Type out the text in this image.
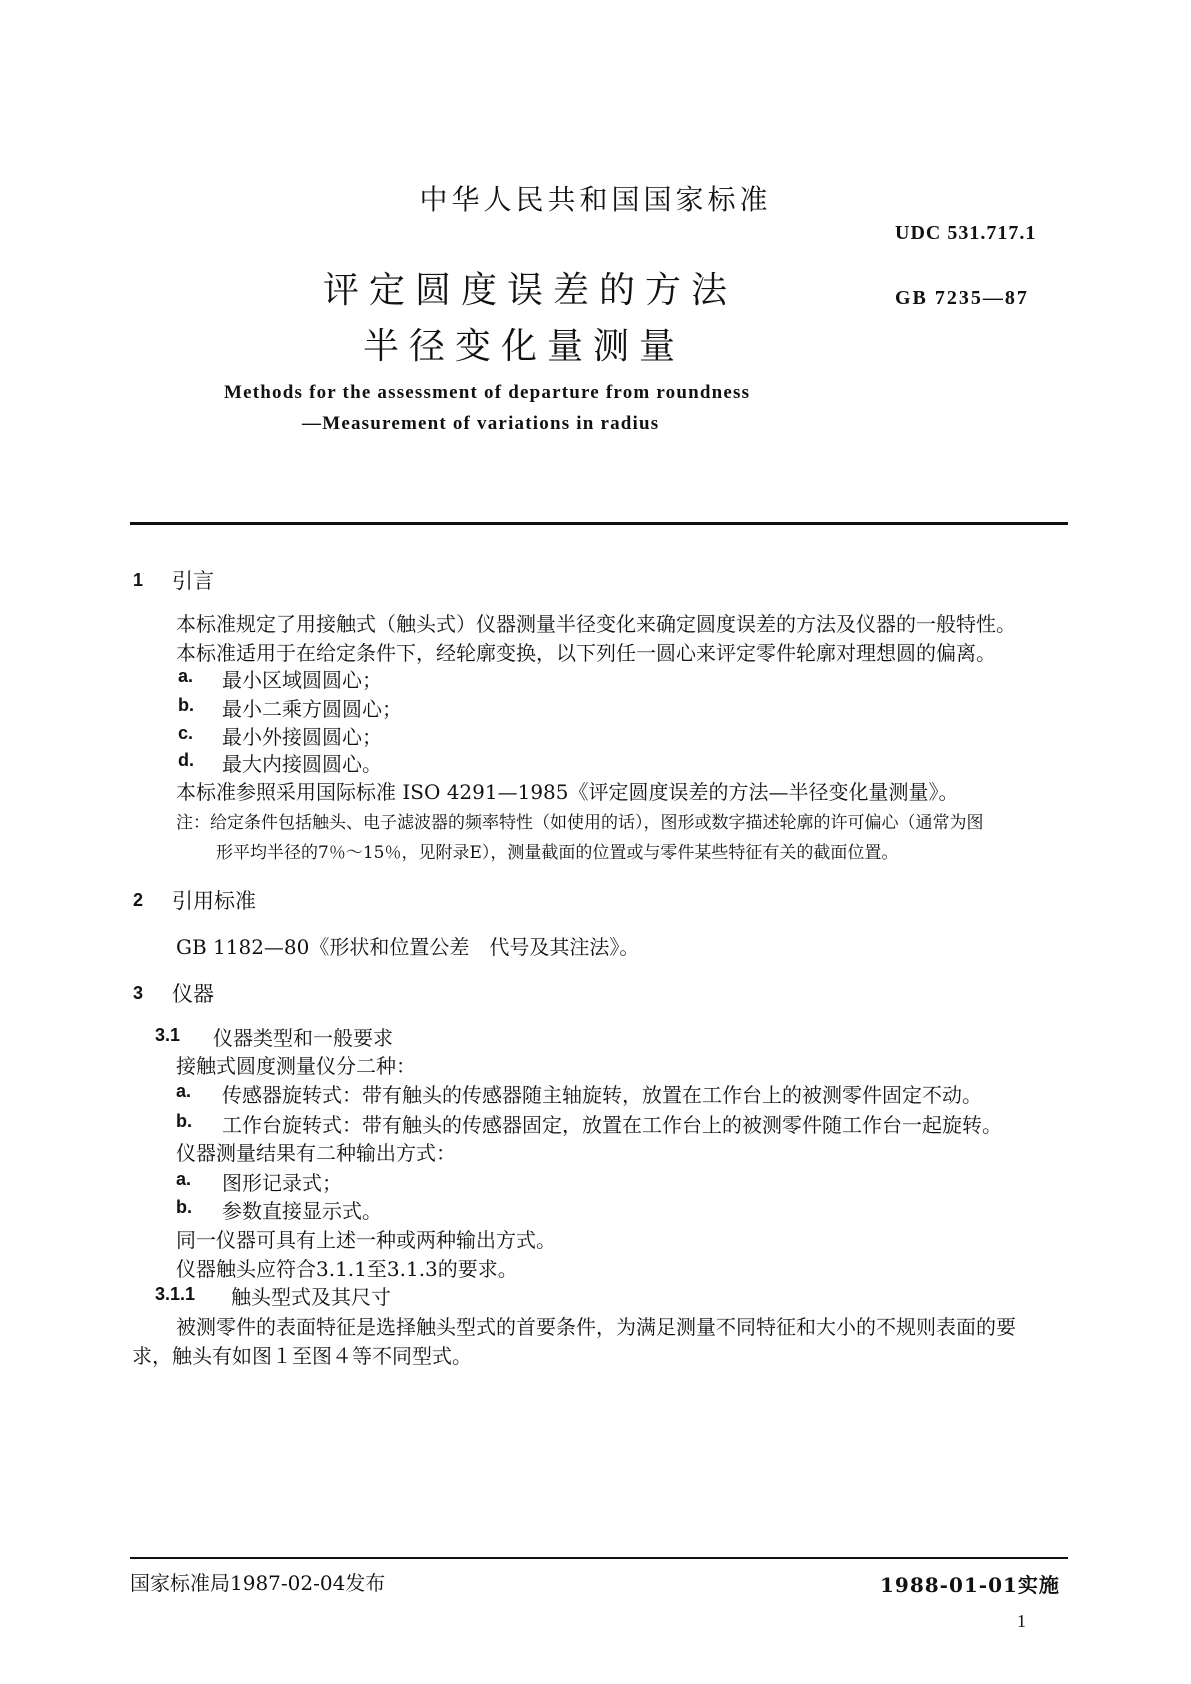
中华人民共和国国家标准
UDC 531.717.1
GB 7235—87
评定圆度误差的方法
半径变化量测量
Methods for the assessment of departure from roundness
—Measurement of variations in radius
1 引言
本标准规定了用接触式（触头式）仪器测量半径变化来确定圆度误差的方法及仪器的一般特性。
本标准适用于在给定条件下，经轮廓变换，以下列任一圆心来评定零件轮廓对理想圆的偏离。
a. 最小区域圆圆心；
b. 最小二乘方圆圆心；
c. 最小外接圆圆心；
d. 最大内接圆圆心。
本标准参照采用国际标准 ISO 4291—1985《评定圆度误差的方法—半径变化量测量》。
注：给定条件包括触头、电子滤波器的频率特性（如使用的话），图形或数字描述轮廓的许可偏心（通常为图
形平均半径的7％～15％，见附录E），测量截面的位置或与零件某些特征有关的截面位置。
2 引用标准
GB 1182—80《形状和位置公差　代号及其注法》。
3 仪器
3.1 仪器类型和一般要求
接触式圆度测量仪分二种：
a. 传感器旋转式：带有触头的传感器随主轴旋转，放置在工作台上的被测零件固定不动。
b. 工作台旋转式：带有触头的传感器固定，放置在工作台上的被测零件随工作台一起旋转。
仪器测量结果有二种输出方式：
a. 图形记录式；
b. 参数直接显示式。
同一仪器可具有上述一种或两种输出方式。
仪器触头应符合3.1.1至3.1.3的要求。
3.1.1 触头型式及其尺寸
被测零件的表面特征是选择触头型式的首要条件，为满足测量不同特征和大小的不规则表面的要
求，触头有如图１至图４等不同型式。
国家标准局1987-02-04发布	1988-01-01实施
1
